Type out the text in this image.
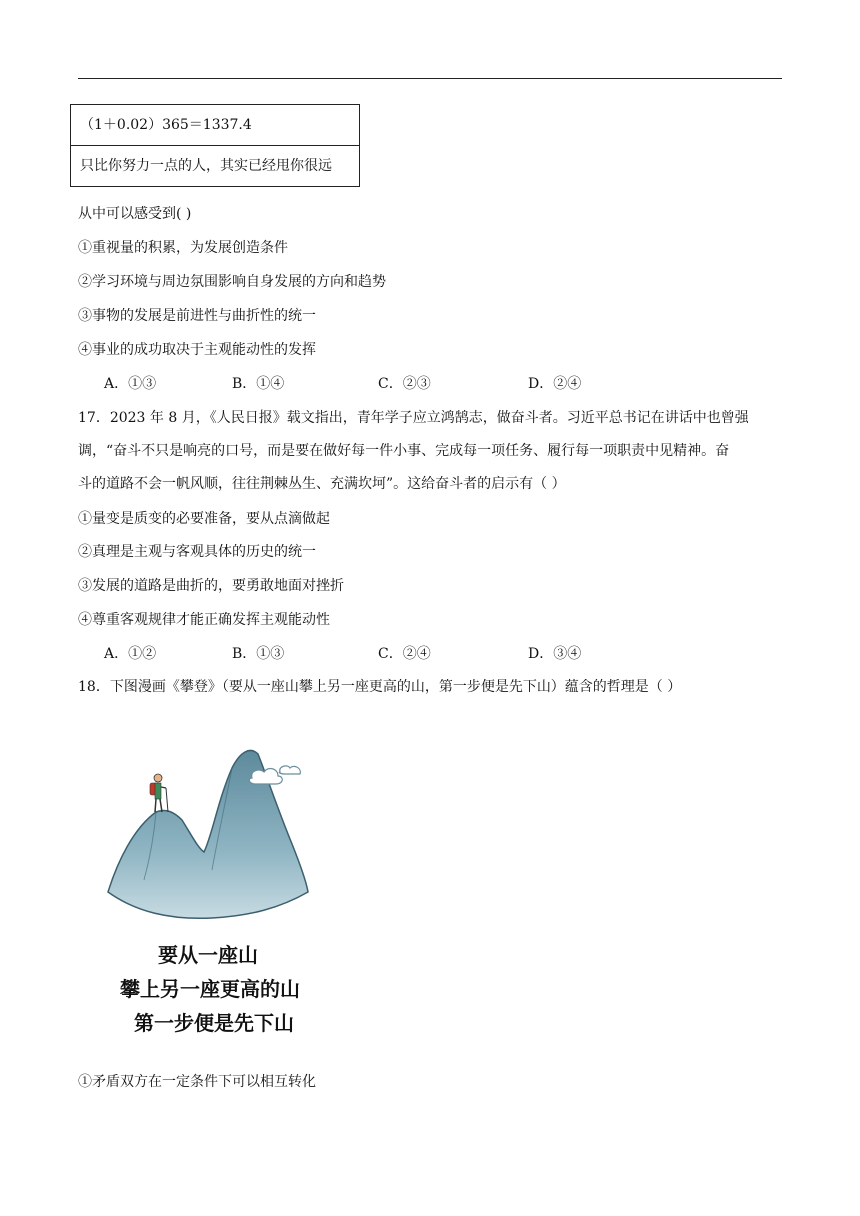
（1＋0.02）365＝1337.4
只比你努力一点的人，其实已经甩你很远
从中可以感受到( )
①重视量的积累，为发展创造条件
②学习环境与周边氛围影响自身发展的方向和趋势
③事物的发展是前进性与曲折性的统一
④事业的成功取决于主观能动性的发挥
A．①③	B．①④	C．②③	D．②④
17．2023 年 8 月，《人民日报》载文指出，青年学子应立鸿鹄志，做奋斗者。习近平总书记在讲话中也曾强
调，“奋斗不只是响亮的口号，而是要在做好每一件小事、完成每一项任务、履行每一项职责中见精神。奋
斗的道路不会一帆风顺，往往荆棘丛生、充满坎坷”。这给奋斗者的启示有（ ）
①量变是质变的必要准备，要从点滴做起
②真理是主观与客观具体的历史的统一
③发展的道路是曲折的，要勇敢地面对挫折
④尊重客观规律才能正确发挥主观能动性
A．①②	B．①③	C．②④	D．③④
18．下图漫画《攀登》（要从一座山攀上另一座更高的山，第一步便是先下山）蕴含的哲理是（ ）
要从一座山
攀上另一座更高的山
第一步便是先下山
①矛盾双方在一定条件下可以相互转化
